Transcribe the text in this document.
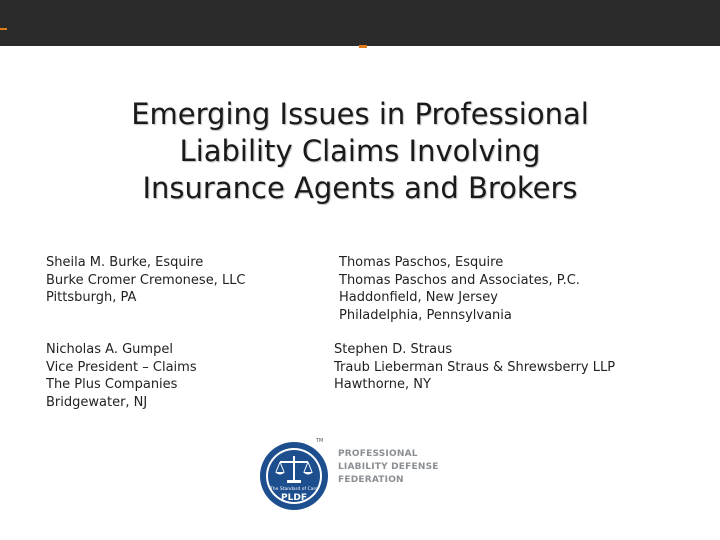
Emerging Issues in Professional
Liability Claims Involving
Insurance Agents and Brokers
Sheila M. Burke, Esquire
Burke Cromer Cremonese, LLC
Pittsburgh, PA
Thomas Paschos, Esquire
Thomas Paschos and Associates, P.C.
Haddonfield, New Jersey
Philadelphia, Pennsylvania
Nicholas A. Gumpel
Vice President – Claims
The Plus Companies
Bridgewater, NJ
Stephen D. Straus
Traub Lieberman Straus & Shrewsberry LLP
Hawthorne, NY
The Standard of Care
PLDF
TM
PROFESSIONAL
LIABILITY DEFENSE
FEDERATION
